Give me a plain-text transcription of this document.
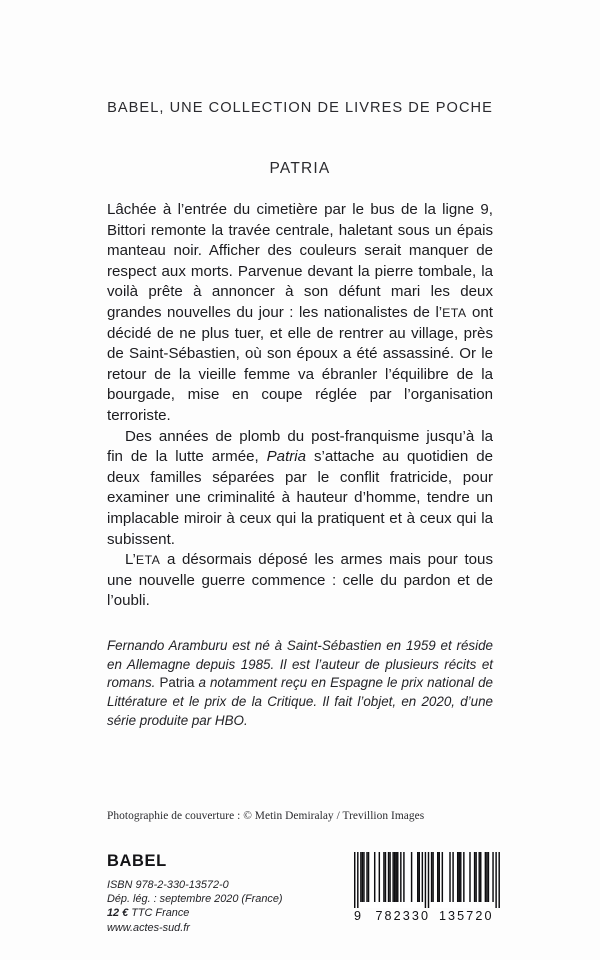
BABEL, UNE COLLECTION DE LIVRES DE POCHE
PATRIA

Lâchée à l’entrée du cimetière par le bus de la ligne 9, Bittori remonte la travée centrale, haletant sous un épais manteau noir. Afficher des couleurs serait manquer de respect aux morts. Parvenue devant la pierre tombale, la voilà prête à annoncer à son défunt mari les deux grandes nouvelles du jour : les nationalistes de l’ETA ont décidé de ne plus tuer, et elle de rentrer au village, près de Saint-Sébastien, où son époux a été assassiné. Or le retour de la vieille femme va ébranler l’équilibre de la bourgade, mise en coupe réglée par l’organisation terroriste.

Des années de plomb du post-franquisme jusqu’à la fin de la lutte armée, Patria s’attache au quotidien de deux familles séparées par le conflit fratricide, pour examiner une criminalité à hauteur d’homme, tendre un implacable miroir à ceux qui la pratiquent et à ceux qui la subissent.

L’ETA a désormais déposé les armes mais pour tous une nouvelle guerre commence : celle du pardon et de l’oubli.

Fernando Aramburu est né à Saint-Sébastien en 1959 et réside en Allemagne depuis 1985. Il est l’auteur de plusieurs récits et romans. Patria a notamment reçu en Espagne le prix national de Littérature et le prix de la Critique. Il fait l’objet, en 2020, d’une série produite par HBO.
Photographie de couverture : © Metin Demiralay / Trevillion Images
BABEL
ISBN 978-2-330-13572-0
Dép. lég. : septembre 2020 (France)
12 € TTC France
www.actes-sud.fr
9 782330 135720
